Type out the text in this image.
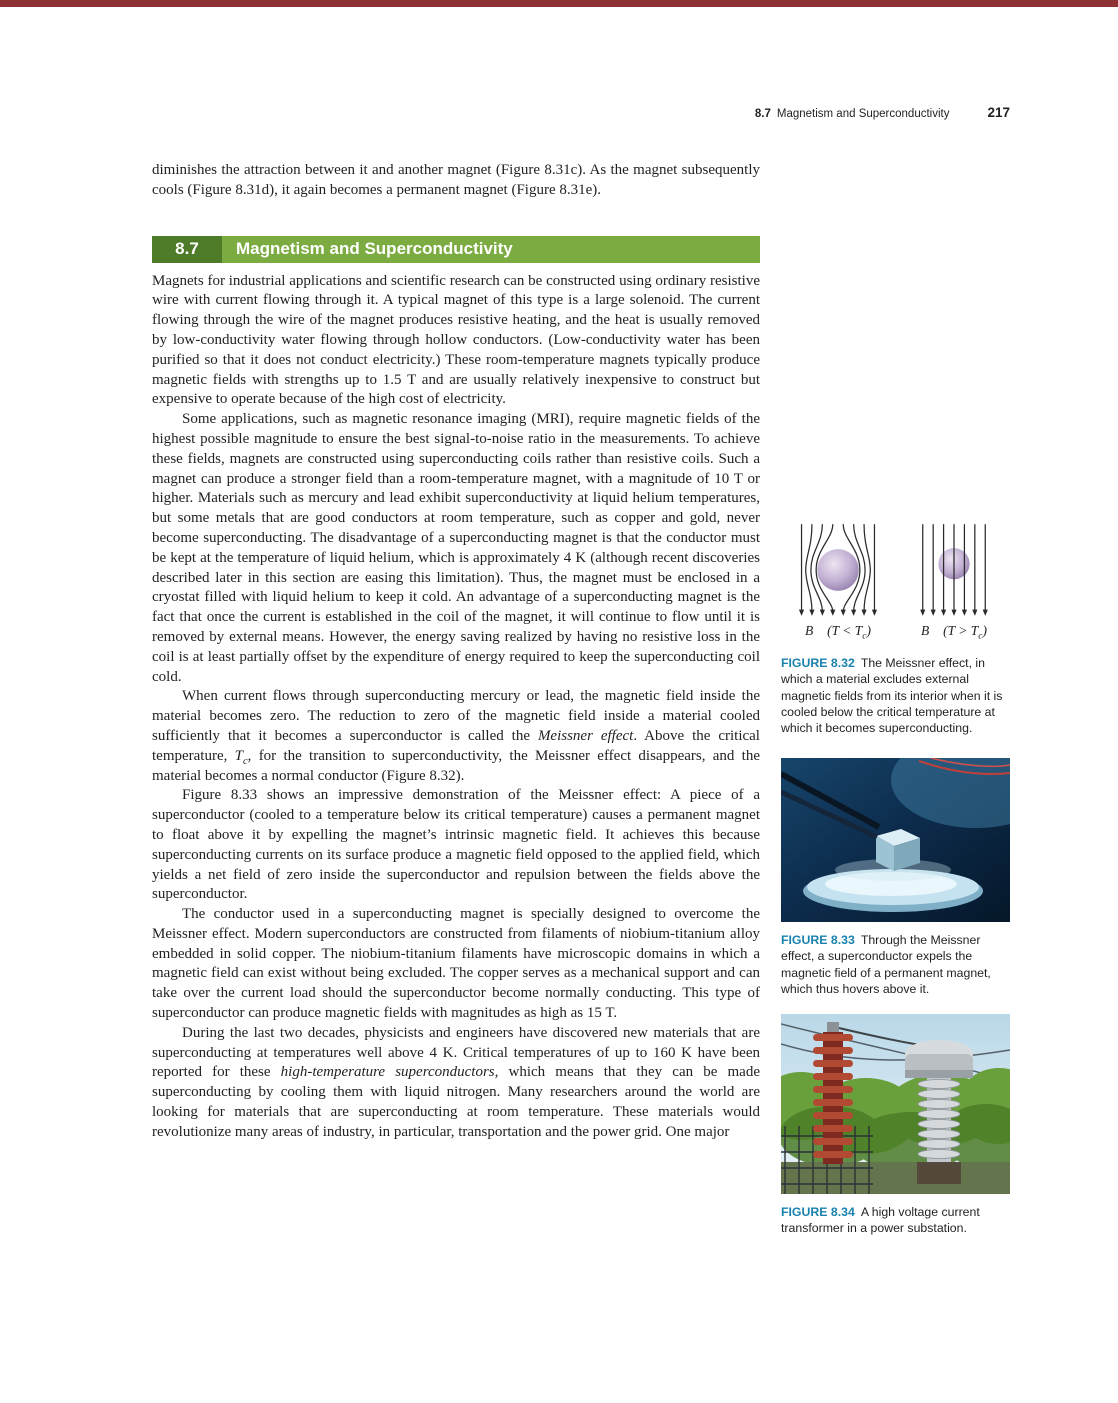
8.7 Magnetism and Superconductivity	217

diminishes the attraction between it and another magnet (Figure 8.31c). As the magnet subsequently cools (Figure 8.31d), it again becomes a permanent magnet (Figure 8.31e).

8.7	Magnetism and Superconductivity

Magnets for industrial applications and scientific research can be constructed using ordinary resistive wire with current flowing through it. A typical magnet of this type is a large solenoid. The current flowing through the wire of the magnet produces resistive heating, and the heat is usually removed by low-conductivity water flowing through hollow conductors. (Low-conductivity water has been purified so that it does not conduct electricity.) These room-temperature magnets typically produce magnetic fields with strengths up to 1.5 T and are usually relatively inexpensive to construct but expensive to operate because of the high cost of electricity.

Some applications, such as magnetic resonance imaging (MRI), require magnetic fields of the highest possible magnitude to ensure the best signal-to-noise ratio in the measurements. To achieve these fields, magnets are constructed using superconducting coils rather than resistive coils. Such a magnet can produce a stronger field than a room-temperature magnet, with a magnitude of 10 T or higher. Materials such as mercury and lead exhibit superconductivity at liquid helium temperatures, but some metals that are good conductors at room temperature, such as copper and gold, never become superconducting. The disadvantage of a superconducting magnet is that the conductor must be kept at the temperature of liquid helium, which is approximately 4 K (although recent discoveries described later in this section are easing this limitation). Thus, the magnet must be enclosed in a cryostat filled with liquid helium to keep it cold. An advantage of a superconducting magnet is the fact that once the current is established in the coil of the magnet, it will continue to flow until it is removed by external means. However, the energy saving realized by having no resistive loss in the coil is at least partially offset by the expenditure of energy required to keep the superconducting coil cold.

When current flows through superconducting mercury or lead, the magnetic field inside the material becomes zero. The reduction to zero of the magnetic field inside a material cooled sufficiently that it becomes a superconductor is called the Meissner effect. Above the critical temperature, $T_c$, for the transition to superconductivity, the Meissner effect disappears, and the material becomes a normal conductor (Figure 8.32).

Figure 8.33 shows an impressive demonstration of the Meissner effect: A piece of a superconductor (cooled to a temperature below its critical temperature) causes a permanent magnet to float above it by expelling the magnet’s intrinsic magnetic field. It achieves this because superconducting currents on its surface produce a magnetic field opposed to the applied field, which yields a net field of zero inside the superconductor and repulsion between the fields above the superconductor.

The conductor used in a superconducting magnet is specially designed to overcome the Meissner effect. Modern superconductors are constructed from filaments of niobium-titanium alloy embedded in solid copper. The niobium-titanium filaments have microscopic domains in which a magnetic field can exist without being excluded. The copper serves as a mechanical support and can take over the current load should the superconductor become normally conducting. This type of superconductor can produce magnetic fields with magnitudes as high as 15 T.

During the last two decades, physicists and engineers have discovered new materials that are superconducting at temperatures well above 4 K. Critical temperatures of up to 160 K have been reported for these high-temperature superconductors, which means that they can be made superconducting by cooling them with liquid nitrogen. Many researchers around the world are looking for materials that are superconducting at room temperature. These materials would revolutionize many areas of industry, in particular, transportation and the power grid. One major

B⃗ $(T < T_c)$	B⃗ $(T > T_c)$
FIGURE 8.32 The Meissner effect, in which a material excludes external magnetic fields from its interior when it is cooled below the critical temperature at which it becomes superconducting.
FIGURE 8.33 Through the Meissner effect, a superconductor expels the magnetic field of a permanent magnet, which thus hovers above it.
FIGURE 8.34 A high voltage current transformer in a power substation.
